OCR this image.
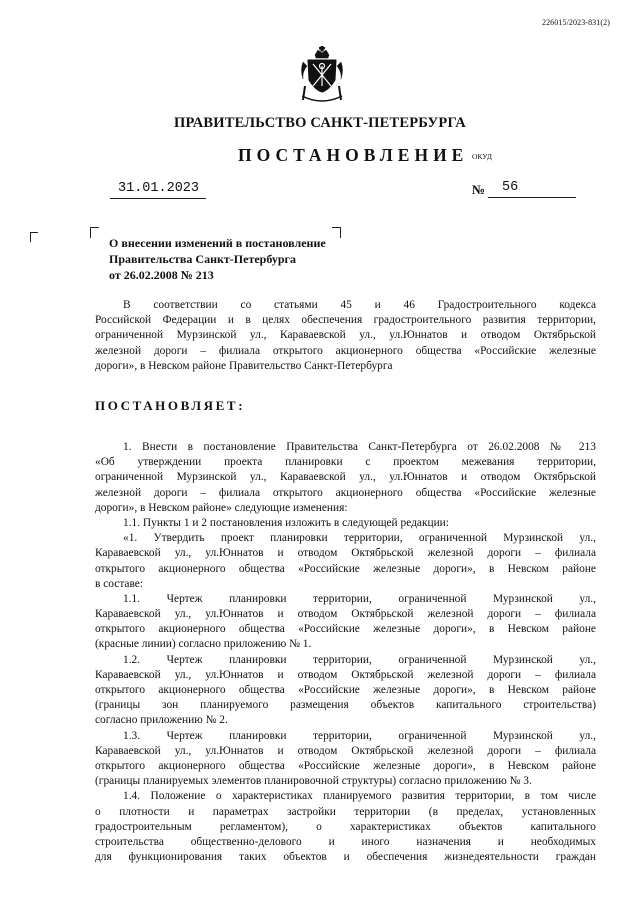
226015/2023-831(2)
ПРАВИТЕЛЬСТВО САНКТ-ПЕТЕРБУРГА
ПОСТАНОВЛЕНИЕ ОКУД
31.01.2023	№ 56
О внесении изменений в постановление
Правительства Санкт-Петербурга
от 26.02.2008 № 213
В соответствии со статьями 45 и 46 Градостроительного кодекса
Российской Федерации и в целях обеспечения градостроительного развития территории,
ограниченной Мурзинской ул., Караваевской ул., ул.Юннатов и отводом Октябрьской
железной дороги – филиала открытого акционерного общества «Российские железные
дороги», в Невском районе Правительство Санкт-Петербурга
ПОСТАНОВЛЯЕТ:
1. Внести в постановление Правительства Санкт-Петербурга от 26.02.2008 № 213
«Об утверждении проекта планировки с проектом межевания территории,
ограниченной Мурзинской ул., Караваевской ул., ул.Юннатов и отводом Октябрьской
железной дороги – филиала открытого акционерного общества «Российские железные
дороги», в Невском районе» следующие изменения:
1.1. Пункты 1 и 2 постановления изложить в следующей редакции:
«1. Утвердить проект планировки территории, ограниченной Мурзинской ул.,
Караваевской ул., ул.Юннатов и отводом Октябрьской железной дороги – филиала
открытого акционерного общества «Российские железные дороги», в Невском районе
в составе:
1.1. Чертеж планировки территории, ограниченной Мурзинской ул.,
Караваевской ул., ул.Юннатов и отводом Октябрьской железной дороги – филиала
открытого акционерного общества «Российские железные дороги», в Невском районе
(красные линии) согласно приложению № 1.
1.2. Чертеж планировки территории, ограниченной Мурзинской ул.,
Караваевской ул., ул.Юннатов и отводом Октябрьской железной дороги – филиала
открытого акционерного общества «Российские железные дороги», в Невском районе
(границы зон планируемого размещения объектов капитального строительства)
согласно приложению № 2.
1.3. Чертеж планировки территории, ограниченной Мурзинской ул.,
Караваевской ул., ул.Юннатов и отводом Октябрьской железной дороги – филиала
открытого акционерного общества «Российские железные дороги», в Невском районе
(границы планируемых элементов планировочной структуры) согласно приложению № 3.
1.4. Положение о характеристиках планируемого развития территории, в том числе
о плотности и параметрах застройки территории (в пределах, установленных
градостроительным регламентом), о характеристиках объектов капитального
строительства общественно-делового и иного назначения и необходимых
для функционирования таких объектов и обеспечения жизнедеятельности граждан
